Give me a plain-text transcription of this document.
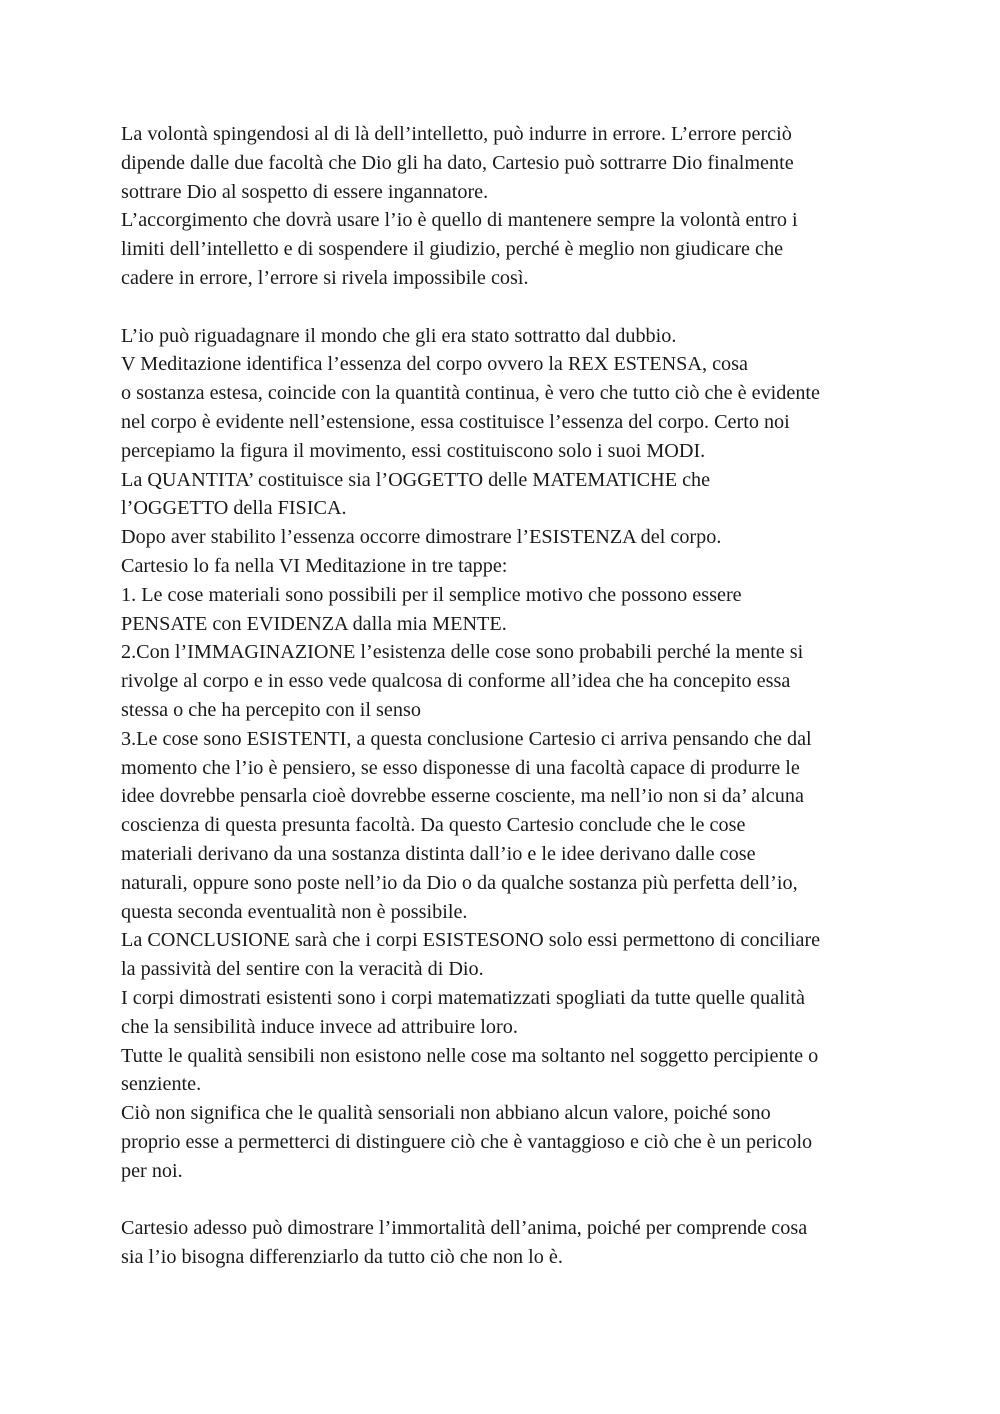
La volontà spingendosi al di là dell’intelletto, può indurre in errore. L’errore perciò
dipende dalle due facoltà che Dio gli ha dato, Cartesio può sottrarre Dio finalmente
sottrare Dio al sospetto di essere ingannatore.
L’accorgimento che dovrà usare l’io è quello di mantenere sempre la volontà entro i
limiti dell’intelletto e di sospendere il giudizio, perché è meglio non giudicare che
cadere in errore, l’errore si rivela impossibile così.
L’io può riguadagnare il mondo che gli era stato sottratto dal dubbio.
V Meditazione identifica l’essenza del corpo ovvero la REX ESTENSA, cosa
o sostanza estesa, coincide con la quantità continua, è vero che tutto ciò che è evidente
nel corpo è evidente nell’estensione, essa costituisce l’essenza del corpo. Certo noi
percepiamo la figura il movimento, essi costituiscono solo i suoi MODI.
La QUANTITA’ costituisce sia l’OGGETTO delle MATEMATICHE che
l’OGGETTO della FISICA.
Dopo aver stabilito l’essenza occorre dimostrare l’ESISTENZA del corpo.
Cartesio lo fa nella VI Meditazione in tre tappe:
1. Le cose materiali sono possibili per il semplice motivo che possono essere
PENSATE con EVIDENZA dalla mia MENTE.
2.Con l’IMMAGINAZIONE l’esistenza delle cose sono probabili perché la mente si
rivolge al corpo e in esso vede qualcosa di conforme all’idea che ha concepito essa
stessa o che ha percepito con il senso
3.Le cose sono ESISTENTI, a questa conclusione Cartesio ci arriva pensando che dal
momento che l’io è pensiero, se esso disponesse di una facoltà capace di produrre le
idee dovrebbe pensarla cioè dovrebbe esserne cosciente, ma nell’io non si da’ alcuna
coscienza di questa presunta facoltà. Da questo Cartesio conclude che le cose
materiali derivano da una sostanza distinta dall’io e le idee derivano dalle cose
naturali, oppure sono poste nell’io da Dio o da qualche sostanza più perfetta dell’io,
questa seconda eventualità non è possibile.
La CONCLUSIONE sarà che i corpi ESISTESONO solo essi permettono di conciliare
la passività del sentire con la veracità di Dio.
I corpi dimostrati esistenti sono i corpi matematizzati spogliati da tutte quelle qualità
che la sensibilità induce invece ad attribuire loro.
Tutte le qualità sensibili non esistono nelle cose ma soltanto nel soggetto percipiente o
senziente.
Ciò non significa che le qualità sensoriali non abbiano alcun valore, poiché sono
proprio esse a permetterci di distinguere ciò che è vantaggioso e ciò che è un pericolo
per noi.
Cartesio adesso può dimostrare l’immortalità dell’anima, poiché per comprende cosa
sia l’io bisogna differenziarlo da tutto ciò che non lo è.
